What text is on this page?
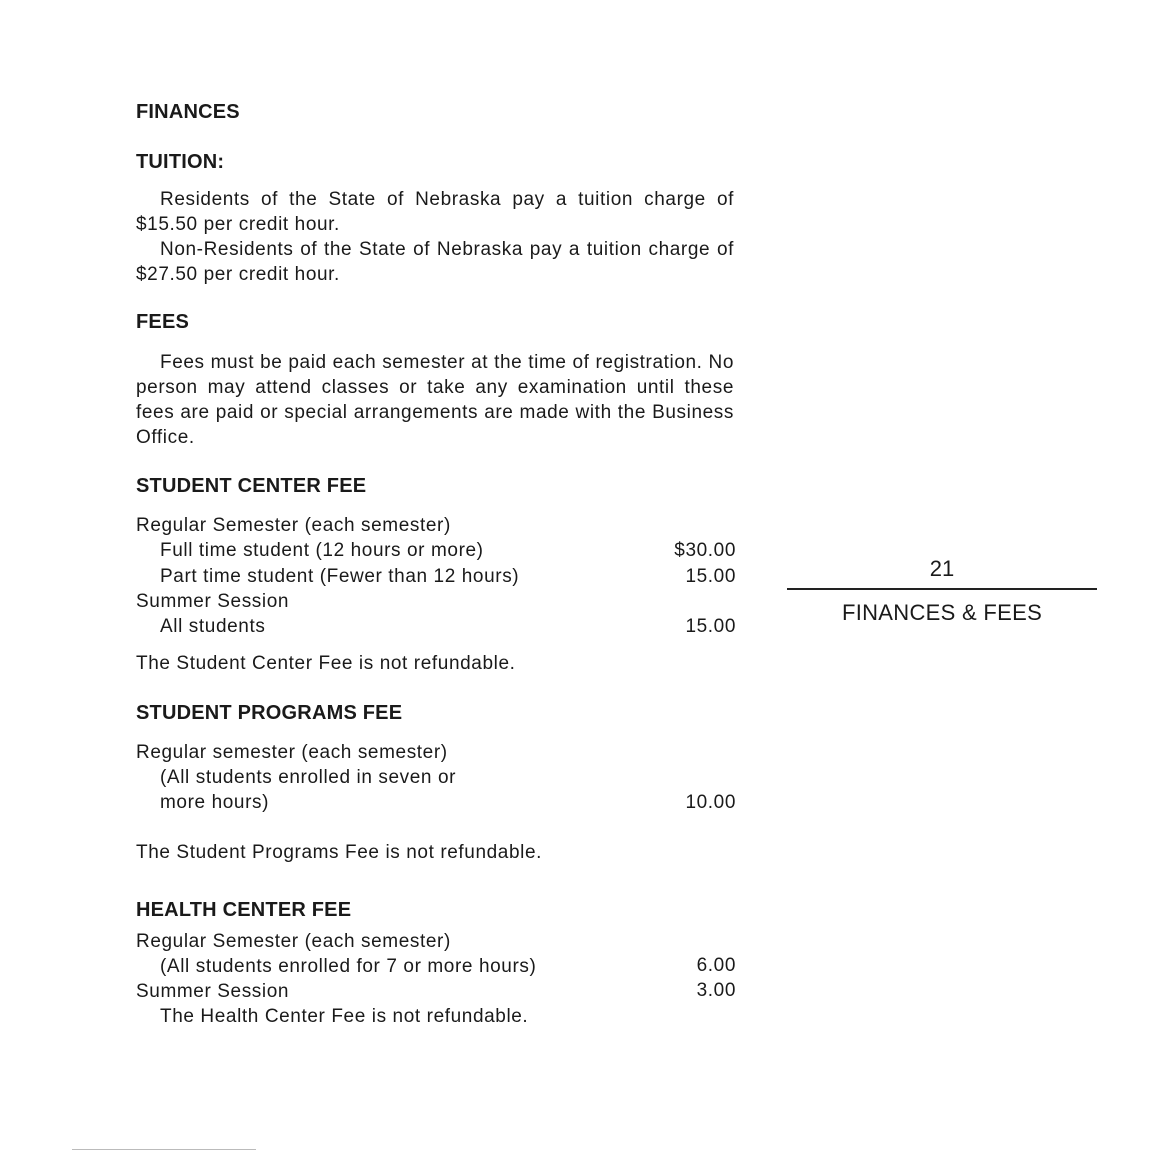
FINANCES
TUITION:

Residents of the State of Nebraska pay a tuition charge of $15.50 per credit hour.

Non-Residents of the State of Nebraska pay a tuition charge of $27.50 per credit hour.

FEES

Fees must be paid each semester at the time of registration. No person may attend classes or take any examination until these fees are paid or special arrangements are made with the Business Office.

STUDENT CENTER FEE
Regular Semester (each semester)
Full time student (12 hours or more)	$30.00
Part time student (Fewer than 12 hours)	15.00
Summer Session
All students	15.00
The Student Center Fee is not refundable.
STUDENT PROGRAMS FEE
Regular semester (each semester)
(All students enrolled in seven or
more hours)	10.00
The Student Programs Fee is not refundable.
HEALTH CENTER FEE
Regular Semester (each semester)
(All students enrolled for 7 or more hours)	6.00
Summer Session	3.00
The Health Center Fee is not refundable.
21
FINANCES & FEES
